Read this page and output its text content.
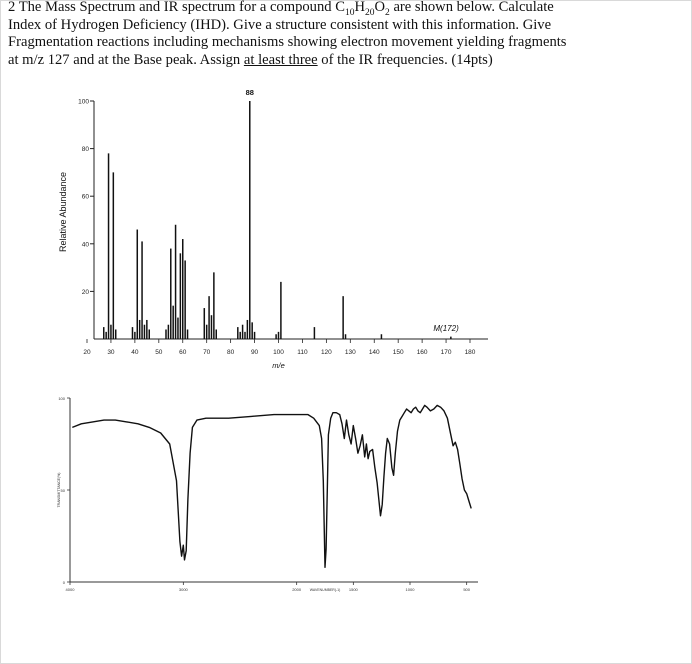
2 The Mass Spectrum and IR spectrum for a compound $C_{10}H_{20}O_2$ are shown below. Calculate

Index of Hydrogen Deficiency (IHD). Give a structure consistent with this information. Give

Fragmentation reactions including mechanisms showing electron movement yielding fragments

at m/z 127 and at the Base peak. Assign at least three of the IR frequencies. (14pts)

20
40
60
80
100
20	30	40	50	60	70	80	90 100 110 120 130 140 150 160 170 180
88
M(172)
m/e
Relative Abundance
100
50
0
4000	3000	2000	1500	1000	500
WAVENUMBER(-1)
TRANSMITTANCE(%)
